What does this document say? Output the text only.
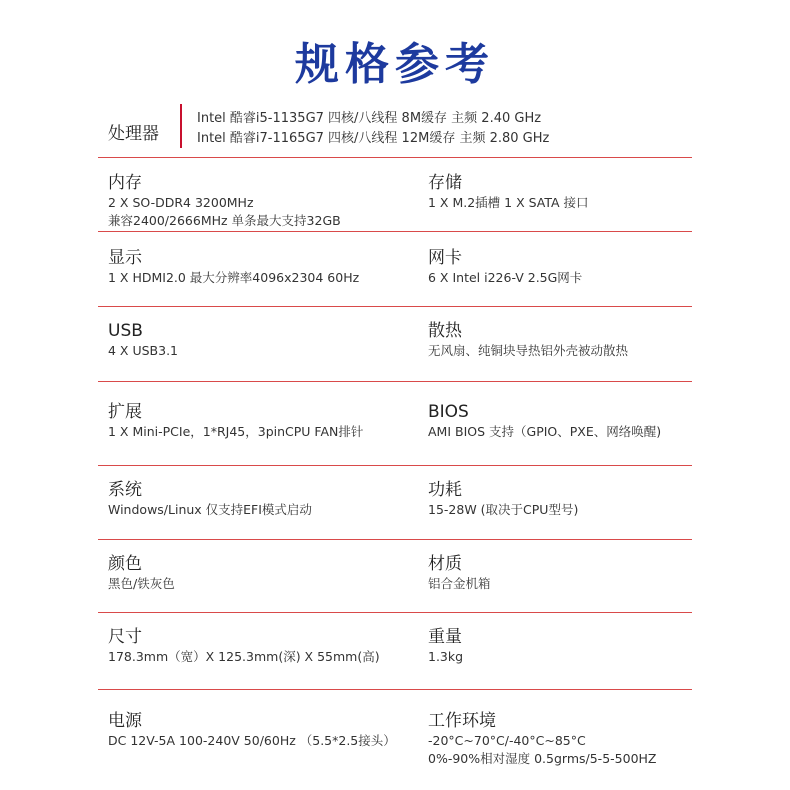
规格参考
处理器
Intel 酷睿i5-1135G7 四核/八线程 8M缓存 主频 2.40 GHz
Intel 酷睿i7-1165G7 四核/八线程 12M缓存 主频 2.80 GHz
内存
2 X SO-DDR4 3200MHz
兼容2400/2666MHz 单条最大支持32GB
存储
1 X M.2插槽 1 X SATA 接口
显示
1 X HDMI2.0 最大分辨率4096x2304 60Hz
网卡
6 X Intel i226-V 2.5G网卡
USB
4 X USB3.1
散热
无风扇、纯铜块导热铝外壳被动散热
扩展
1 X Mini-PCIe，1*RJ45，3pinCPU FAN排针
BIOS
AMI BIOS 支持（GPIO、PXE、网络唤醒)
系统
Windows/Linux 仅支持EFI模式启动
功耗
15-28W (取决于CPU型号)
颜色
黑色/铁灰色
材质
铝合金机箱
尺寸
178.3mm（宽）X 125.3mm(深) X 55mm(高)
重量
1.3kg
电源
DC 12V-5A 100-240V 50/60Hz （5.5*2.5接头）
工作环境
-20°C~70°C/-40°C~85°C
0%-90%相对湿度 0.5grms/5-5-500HZ
